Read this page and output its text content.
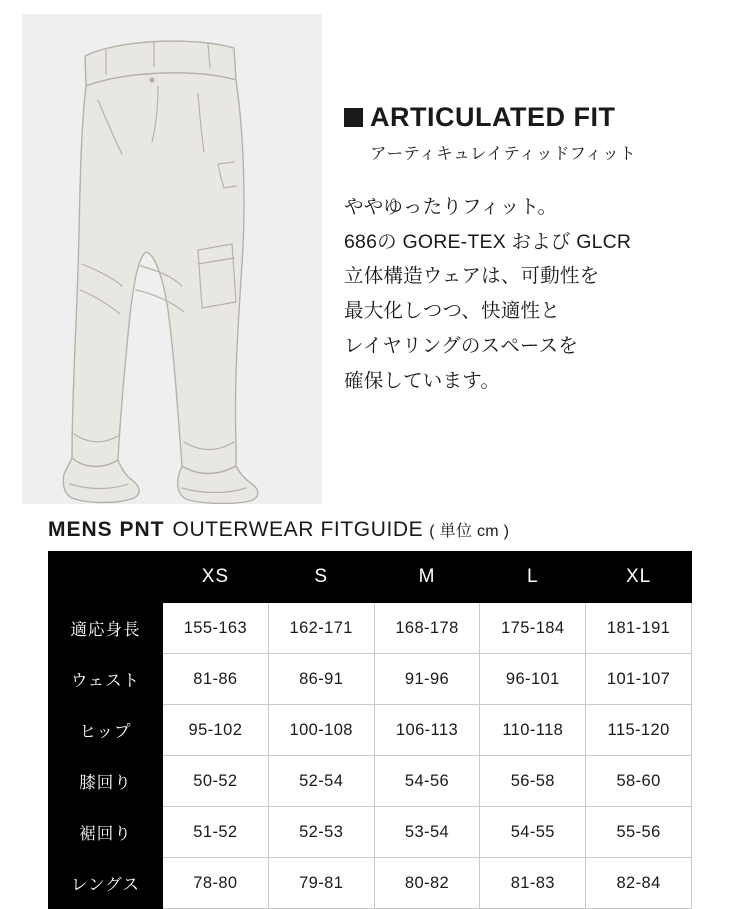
ARTICULATED FIT
アーティキュレイティッドフィット
ややゆったりフィット。
686の GORE-TEX および GLCR
立体構造ウェアは、可動性を
最大化しつつ、快適性と
レイヤリングのスペースを
確保しています。
MENS PNT OUTERWEAR FITGUIDE ( 単位 cm )
	XS	S	M	L	XL
適応身長	155-163	162-171	168-178	175-184	181-191
ウェスト	81-86	86-91	91-96	96-101	101-107
ヒップ	95-102	100-108	106-113	110-118	115-120
膝回り	50-52	52-54	54-56	56-58	58-60
裾回り	51-52	52-53	53-54	54-55	55-56
レングス	78-80	79-81	80-82	81-83	82-84
